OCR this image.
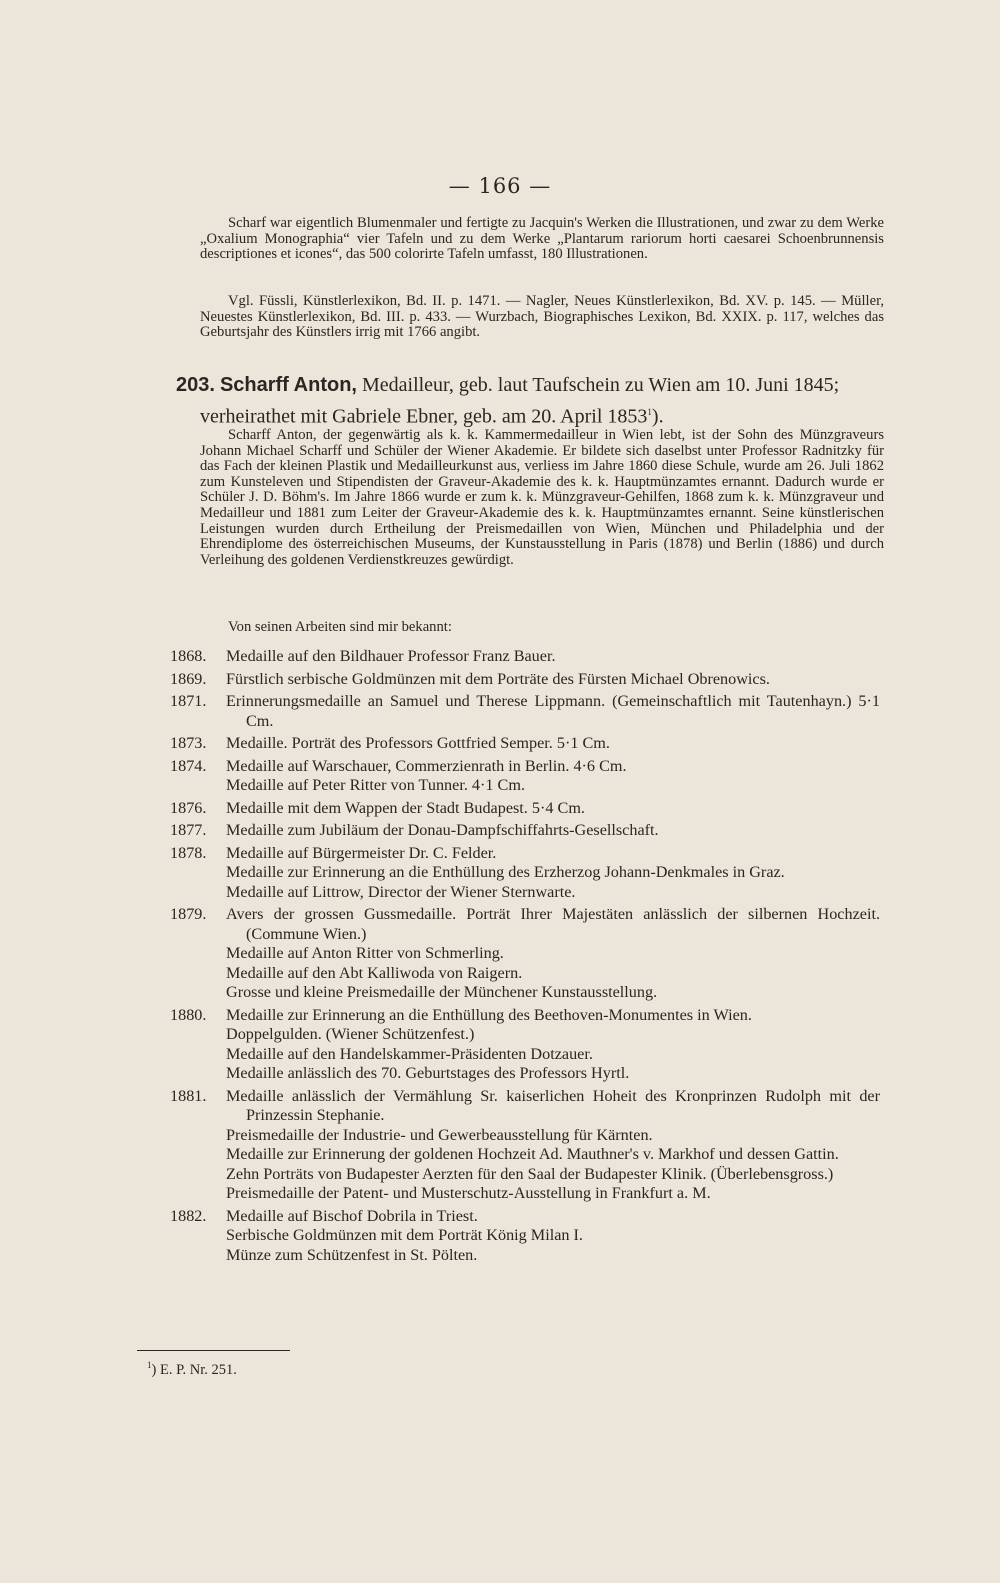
— 166 —

Scharf war eigentlich Blumenmaler und fertigte zu Jacquin's Werken die Illustrationen, und zwar zu dem Werke „Oxalium Monographia“ vier Tafeln und zu dem Werke „Plantarum rariorum horti caesarei Schoenbrunnensis descriptiones et icones“, das 500 colorirte Tafeln umfasst, 180 Illustrationen.

Vgl. Füssli, Künstlerlexikon, Bd. II. p. 1471. — Nagler, Neues Künstlerlexikon, Bd. XV. p. 145. — Müller, Neuestes Künstlerlexikon, Bd. III. p. 433. — Wurzbach, Biographisches Lexikon, Bd. XXIX. p. 117, welches das Geburtsjahr des Künstlers irrig mit 1766 angibt.

203. Scharff Anton, Medailleur, geb. laut Taufschein zu Wien am 10. Juni 1845;
verheirathet mit Gabriele Ebner, geb. am 20. April 1853$^1$).

Scharff Anton, der gegenwärtig als k. k. Kammermedailleur in Wien lebt, ist der Sohn des Münzgraveurs Johann Michael Scharff und Schüler der Wiener Akademie. Er bildete sich daselbst unter Professor Radnitzky für das Fach der kleinen Plastik und Medailleurkunst aus, verliess im Jahre 1860 diese Schule, wurde am 26. Juli 1862 zum Kunsteleven und Stipendisten der Graveur-Akademie des k. k. Hauptmünzamtes ernannt. Dadurch wurde er Schüler J. D. Böhm's. Im Jahre 1866 wurde er zum k. k. Münzgraveur-Gehilfen, 1868 zum k. k. Münzgraveur und Medailleur und 1881 zum Leiter der Graveur-Akademie des k. k. Hauptmünzamtes ernannt. Seine künstlerischen Leistungen wurden durch Ertheilung der Preismedaillen von Wien, München und Philadelphia und der Ehrendiplome des österreichischen Museums, der Kunstausstellung in Paris (1878) und Berlin (1886) und durch Verleihung des goldenen Verdienstkreuzes gewürdigt.

Von seinen Arbeiten sind mir bekannt:

1868. Medaille auf den Bildhauer Professor Franz Bauer.
1869. Fürstlich serbische Goldmünzen mit dem Porträte des Fürsten Michael Obrenowics.
1871. Erinnerungsmedaille an Samuel und Therese Lippmann. (Gemeinschaftlich mit Tautenhayn.) 5·1 Cm.
1873. Medaille. Porträt des Professors Gottfried Semper. 5·1 Cm.
1874. Medaille auf Warschauer, Commerzienrath in Berlin. 4·6 Cm.
Medaille auf Peter Ritter von Tunner. 4·1 Cm.
1876. Medaille mit dem Wappen der Stadt Budapest. 5·4 Cm.
1877. Medaille zum Jubiläum der Donau-Dampfschiffahrts-Gesellschaft.
1878. Medaille auf Bürgermeister Dr. C. Felder.
Medaille zur Erinnerung an die Enthüllung des Erzherzog Johann-Denkmales in Graz.
Medaille auf Littrow, Director der Wiener Sternwarte.
1879. Avers der grossen Gussmedaille. Porträt Ihrer Majestäten anlässlich der silbernen Hochzeit. (Commune Wien.)
Medaille auf Anton Ritter von Schmerling.
Medaille auf den Abt Kalliwoda von Raigern.
Grosse und kleine Preismedaille der Münchener Kunstausstellung.
1880. Medaille zur Erinnerung an die Enthüllung des Beethoven-Monumentes in Wien.
Doppelgulden. (Wiener Schützenfest.)
Medaille auf den Handelskammer-Präsidenten Dotzauer.
Medaille anlässlich des 70. Geburtstages des Professors Hyrtl.
1881. Medaille anlässlich der Vermählung Sr. kaiserlichen Hoheit des Kronprinzen Rudolph mit der Prinzessin Stephanie.
Preismedaille der Industrie- und Gewerbeausstellung für Kärnten.
Medaille zur Erinnerung der goldenen Hochzeit Ad. Mauthner's v. Markhof und dessen Gattin.
Zehn Porträts von Budapester Aerzten für den Saal der Budapester Klinik. (Überlebensgross.)
Preismedaille der Patent- und Musterschutz-Ausstellung in Frankfurt a. M.
1882. Medaille auf Bischof Dobrila in Triest.
Serbische Goldmünzen mit dem Porträt König Milan I.
Münze zum Schützenfest in St. Pölten.
$^1$) E. P. Nr. 251.
